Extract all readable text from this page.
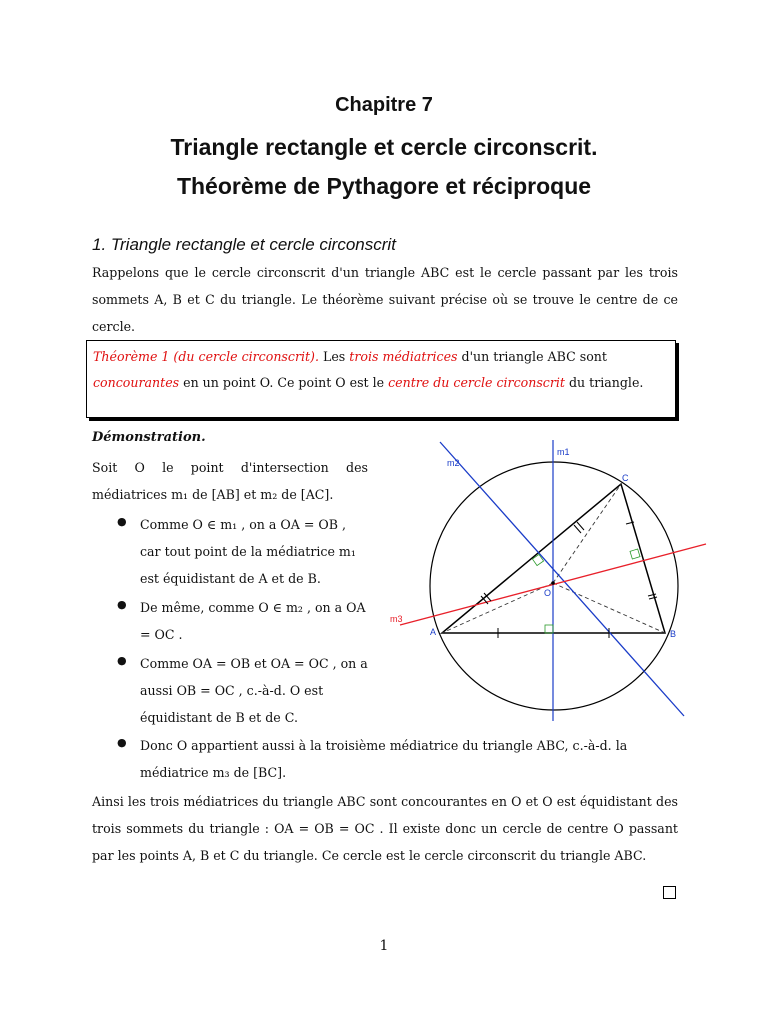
Chapitre 7
Triangle rectangle et cercle circonscrit.
Théorème de Pythagore et réciproque
1. Triangle rectangle et cercle circonscrit
Rappelons que le cercle circonscrit d'un triangle ABC est le cercle passant par les trois sommets A, B et C du triangle. Le théorème suivant précise où se trouve le centre de ce cercle.
Théorème 1 (du cercle circonscrit). Les trois médiatrices d'un triangle ABC sont concourantes en un point O. Ce point O est le centre du cercle circonscrit du triangle.
Démonstration.
Soit O le point d'intersection des médiatrices m₁ de [AB] et m₂ de [AC].
● Comme O ∈ m₁ , on a OA = OB , car tout point de la médiatrice m₁ est équidistant de A et de B.
● De même, comme O ∈ m₂ , on a OA = OC .
● Comme OA = OB et OA = OC , on a aussi OB = OC , c.-à-d. O est équidistant de B et de C.
● Donc O appartient aussi à la troisième médiatrice du triangle ABC, c.-à-d. la médiatrice m₃ de [BC].
Ainsi les trois médiatrices du triangle ABC sont concourantes en O et O est équidistant des trois sommets du triangle : OA = OB = OC . Il existe donc un cercle de centre O passant par les points A, B et C du triangle. Ce cercle est le cercle circonscrit du triangle ABC.
m1
m2
m3
A	B
C
O
1
